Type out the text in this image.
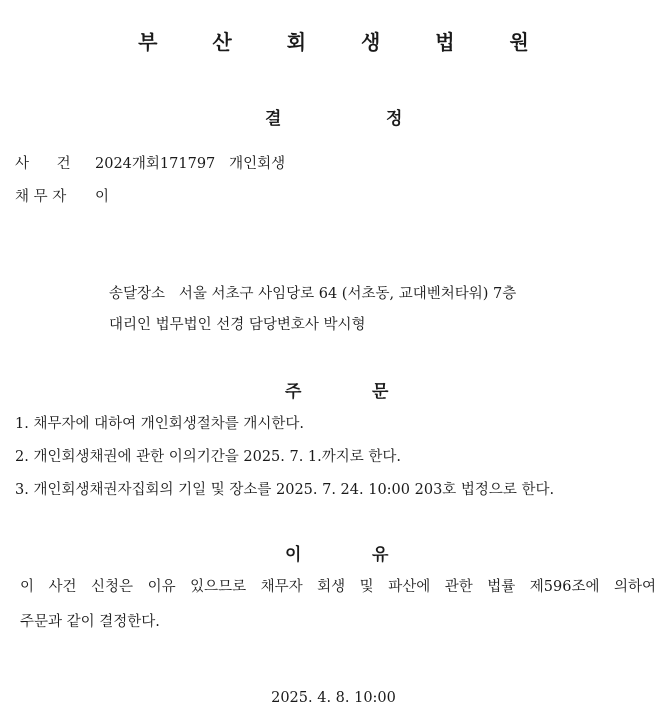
부 산 회 생 법 원
결	정
사      건 2024개회171797   개인회생
채 무 자 이
송달장소   서울 서초구 사임당로 64 (서초동, 교대벤처타워) 7층
대리인 법무법인 선경 담당변호사 박시형
주	문
1. 채무자에 대하여 개인회생절차를 개시한다.
2. 개인회생채권에 관한 이의기간을 2025. 7. 1.까지로 한다.
3. 개인회생채권자집회의 기일 및 장소를 2025. 7. 24. 10:00 203호 법정으로 한다.
이	유
이 사건 신청은 이유 있으므로 채무자 회생 및 파산에 관한 법률 제596조에 의하여
주문과 같이 결정한다.
2025. 4. 8. 10:00
